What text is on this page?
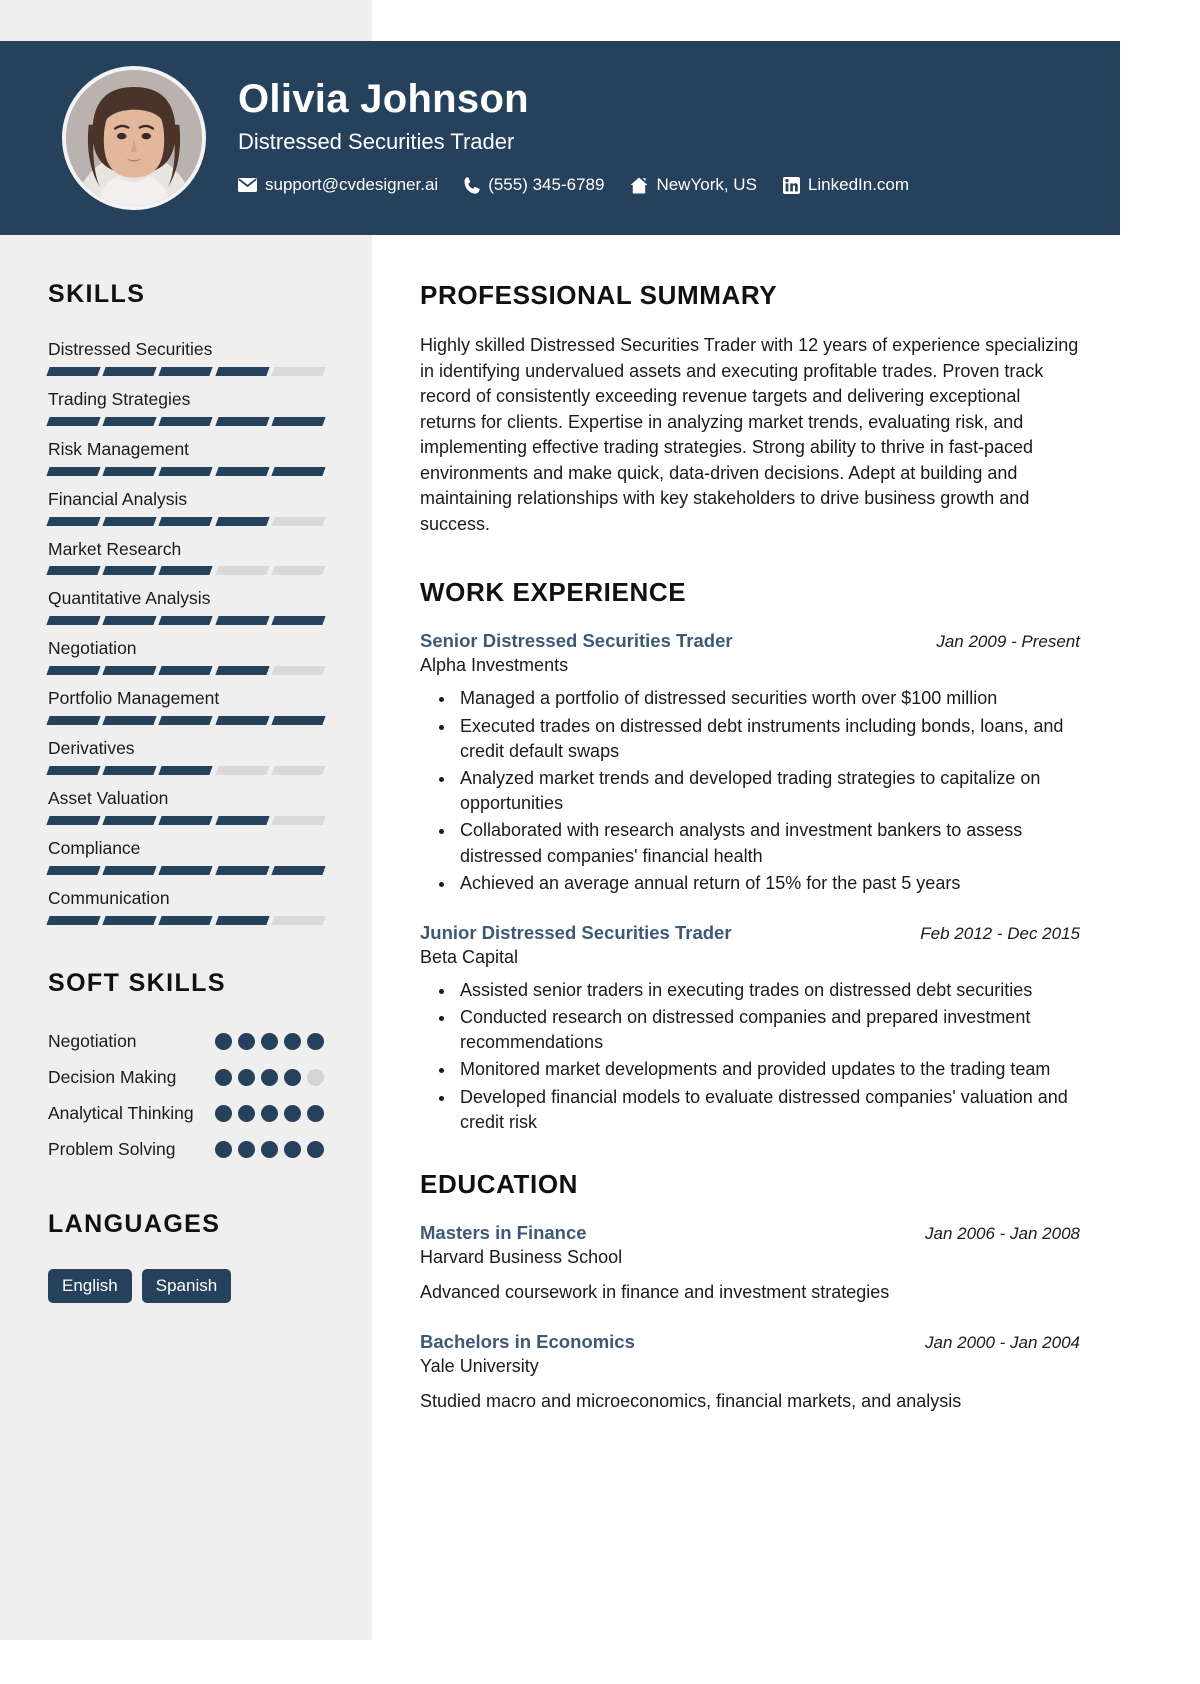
Olivia Johnson
Distressed Securities Trader
support@cvdesigner.ai	(555) 345-6789	NewYork, US	LinkedIn.com
SKILLS
Distressed Securities
Trading Strategies
Risk Management
Financial Analysis
Market Research
Quantitative Analysis
Negotiation
Portfolio Management
Derivatives
Asset Valuation
Compliance
Communication
SOFT SKILLS
Negotiation
Decision Making
Analytical Thinking
Problem Solving
LANGUAGES
English	Spanish
PROFESSIONAL SUMMARY
Highly skilled Distressed Securities Trader with 12 years of experience specializing in identifying undervalued assets and executing profitable trades. Proven track record of consistently exceeding revenue targets and delivering exceptional returns for clients. Expertise in analyzing market trends, evaluating risk, and implementing effective trading strategies. Strong ability to thrive in fast-paced environments and make quick, data-driven decisions. Adept at building and maintaining relationships with key stakeholders to drive business growth and success.
WORK EXPERIENCE
Senior Distressed Securities Trader	Jan 2009 - Present
Alpha Investments
• Managed a portfolio of distressed securities worth over $100 million
• Executed trades on distressed debt instruments including bonds, loans, and credit default swaps
• Analyzed market trends and developed trading strategies to capitalize on opportunities
• Collaborated with research analysts and investment bankers to assess distressed companies' financial health
• Achieved an average annual return of 15% for the past 5 years
Junior Distressed Securities Trader	Feb 2012 - Dec 2015
Beta Capital
• Assisted senior traders in executing trades on distressed debt securities
• Conducted research on distressed companies and prepared investment recommendations
• Monitored market developments and provided updates to the trading team
• Developed financial models to evaluate distressed companies' valuation and credit risk
EDUCATION
Masters in Finance	Jan 2006 - Jan 2008
Harvard Business School
Advanced coursework in finance and investment strategies
Bachelors in Economics	Jan 2000 - Jan 2004
Yale University
Studied macro and microeconomics, financial markets, and analysis
